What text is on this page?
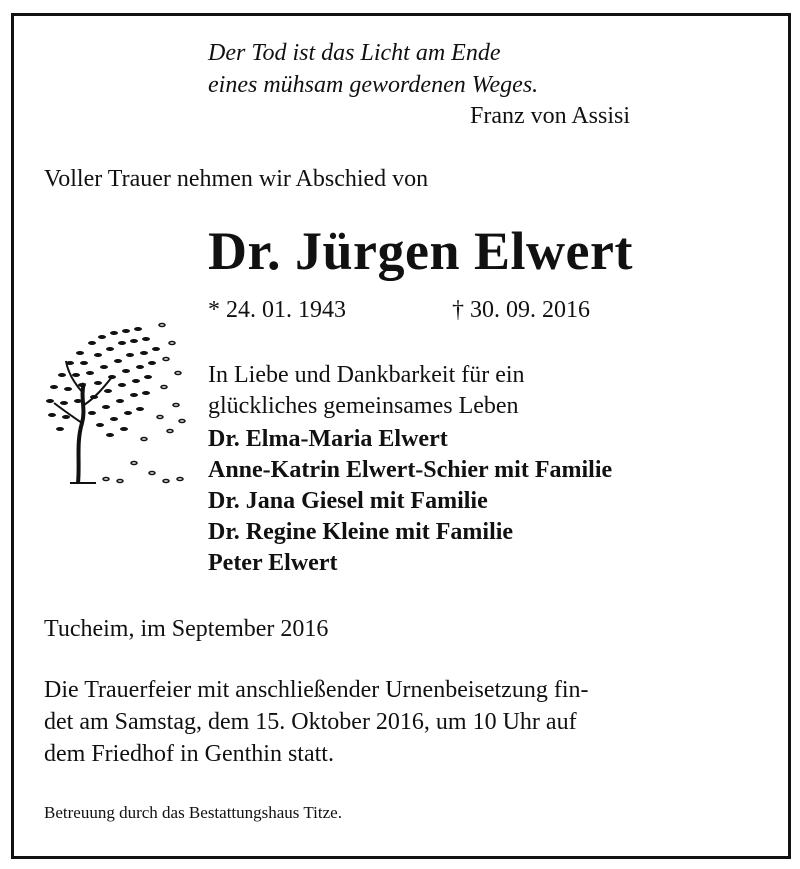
Der Tod ist das Licht am Ende
eines mühsam gewordenen Weges.
Franz von Assisi
Voller Trauer nehmen wir Abschied von
Dr. Jürgen Elwert
* 24. 01. 1943	† 30. 09. 2016
In Liebe und Dankbarkeit für ein
glückliches gemeinsames Leben
Dr. Elma-Maria Elwert
Anne-Katrin Elwert-Schier mit Familie
Dr. Jana Giesel mit Familie
Dr. Regine Kleine mit Familie
Peter Elwert
Tucheim, im September 2016
Die Trauerfeier mit anschließender Urnenbeisetzung fin-
det am Samstag, dem 15. Oktober 2016, um 10 Uhr auf
dem Friedhof in Genthin statt.
Betreuung durch das Bestattungshaus Titze.
